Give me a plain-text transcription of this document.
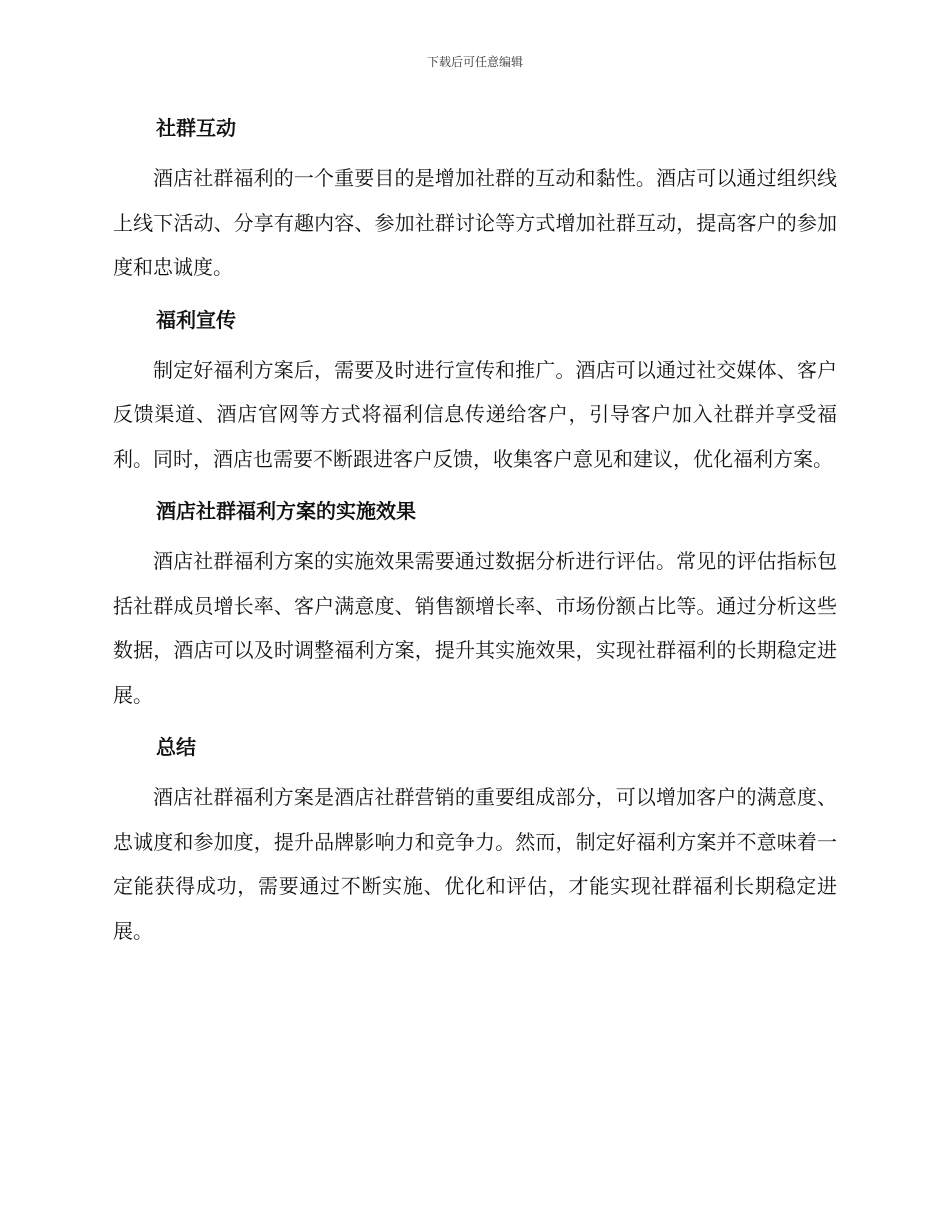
下载后可任意编辑
社群互动

酒店社群福利的一个重要目的是增加社群的互动和黏性。酒店可以通过组织线上线下活动、分享有趣内容、参加社群讨论等方式增加社群互动，提高客户的参加度和忠诚度。

福利宣传

制定好福利方案后，需要及时进行宣传和推广。酒店可以通过社交媒体、客户反馈渠道、酒店官网等方式将福利信息传递给客户，引导客户加入社群并享受福利。同时，酒店也需要不断跟进客户反馈，收集客户意见和建议，优化福利方案。

酒店社群福利方案的实施效果

酒店社群福利方案的实施效果需要通过数据分析进行评估。常见的评估指标包括社群成员增长率、客户满意度、销售额增长率、市场份额占比等。通过分析这些数据，酒店可以及时调整福利方案，提升其实施效果，实现社群福利的长期稳定进展。

总结

酒店社群福利方案是酒店社群营销的重要组成部分，可以增加客户的满意度、忠诚度和参加度，提升品牌影响力和竞争力。然而，制定好福利方案并不意味着一定能获得成功，需要通过不断实施、优化和评估，才能实现社群福利长期稳定进展。
